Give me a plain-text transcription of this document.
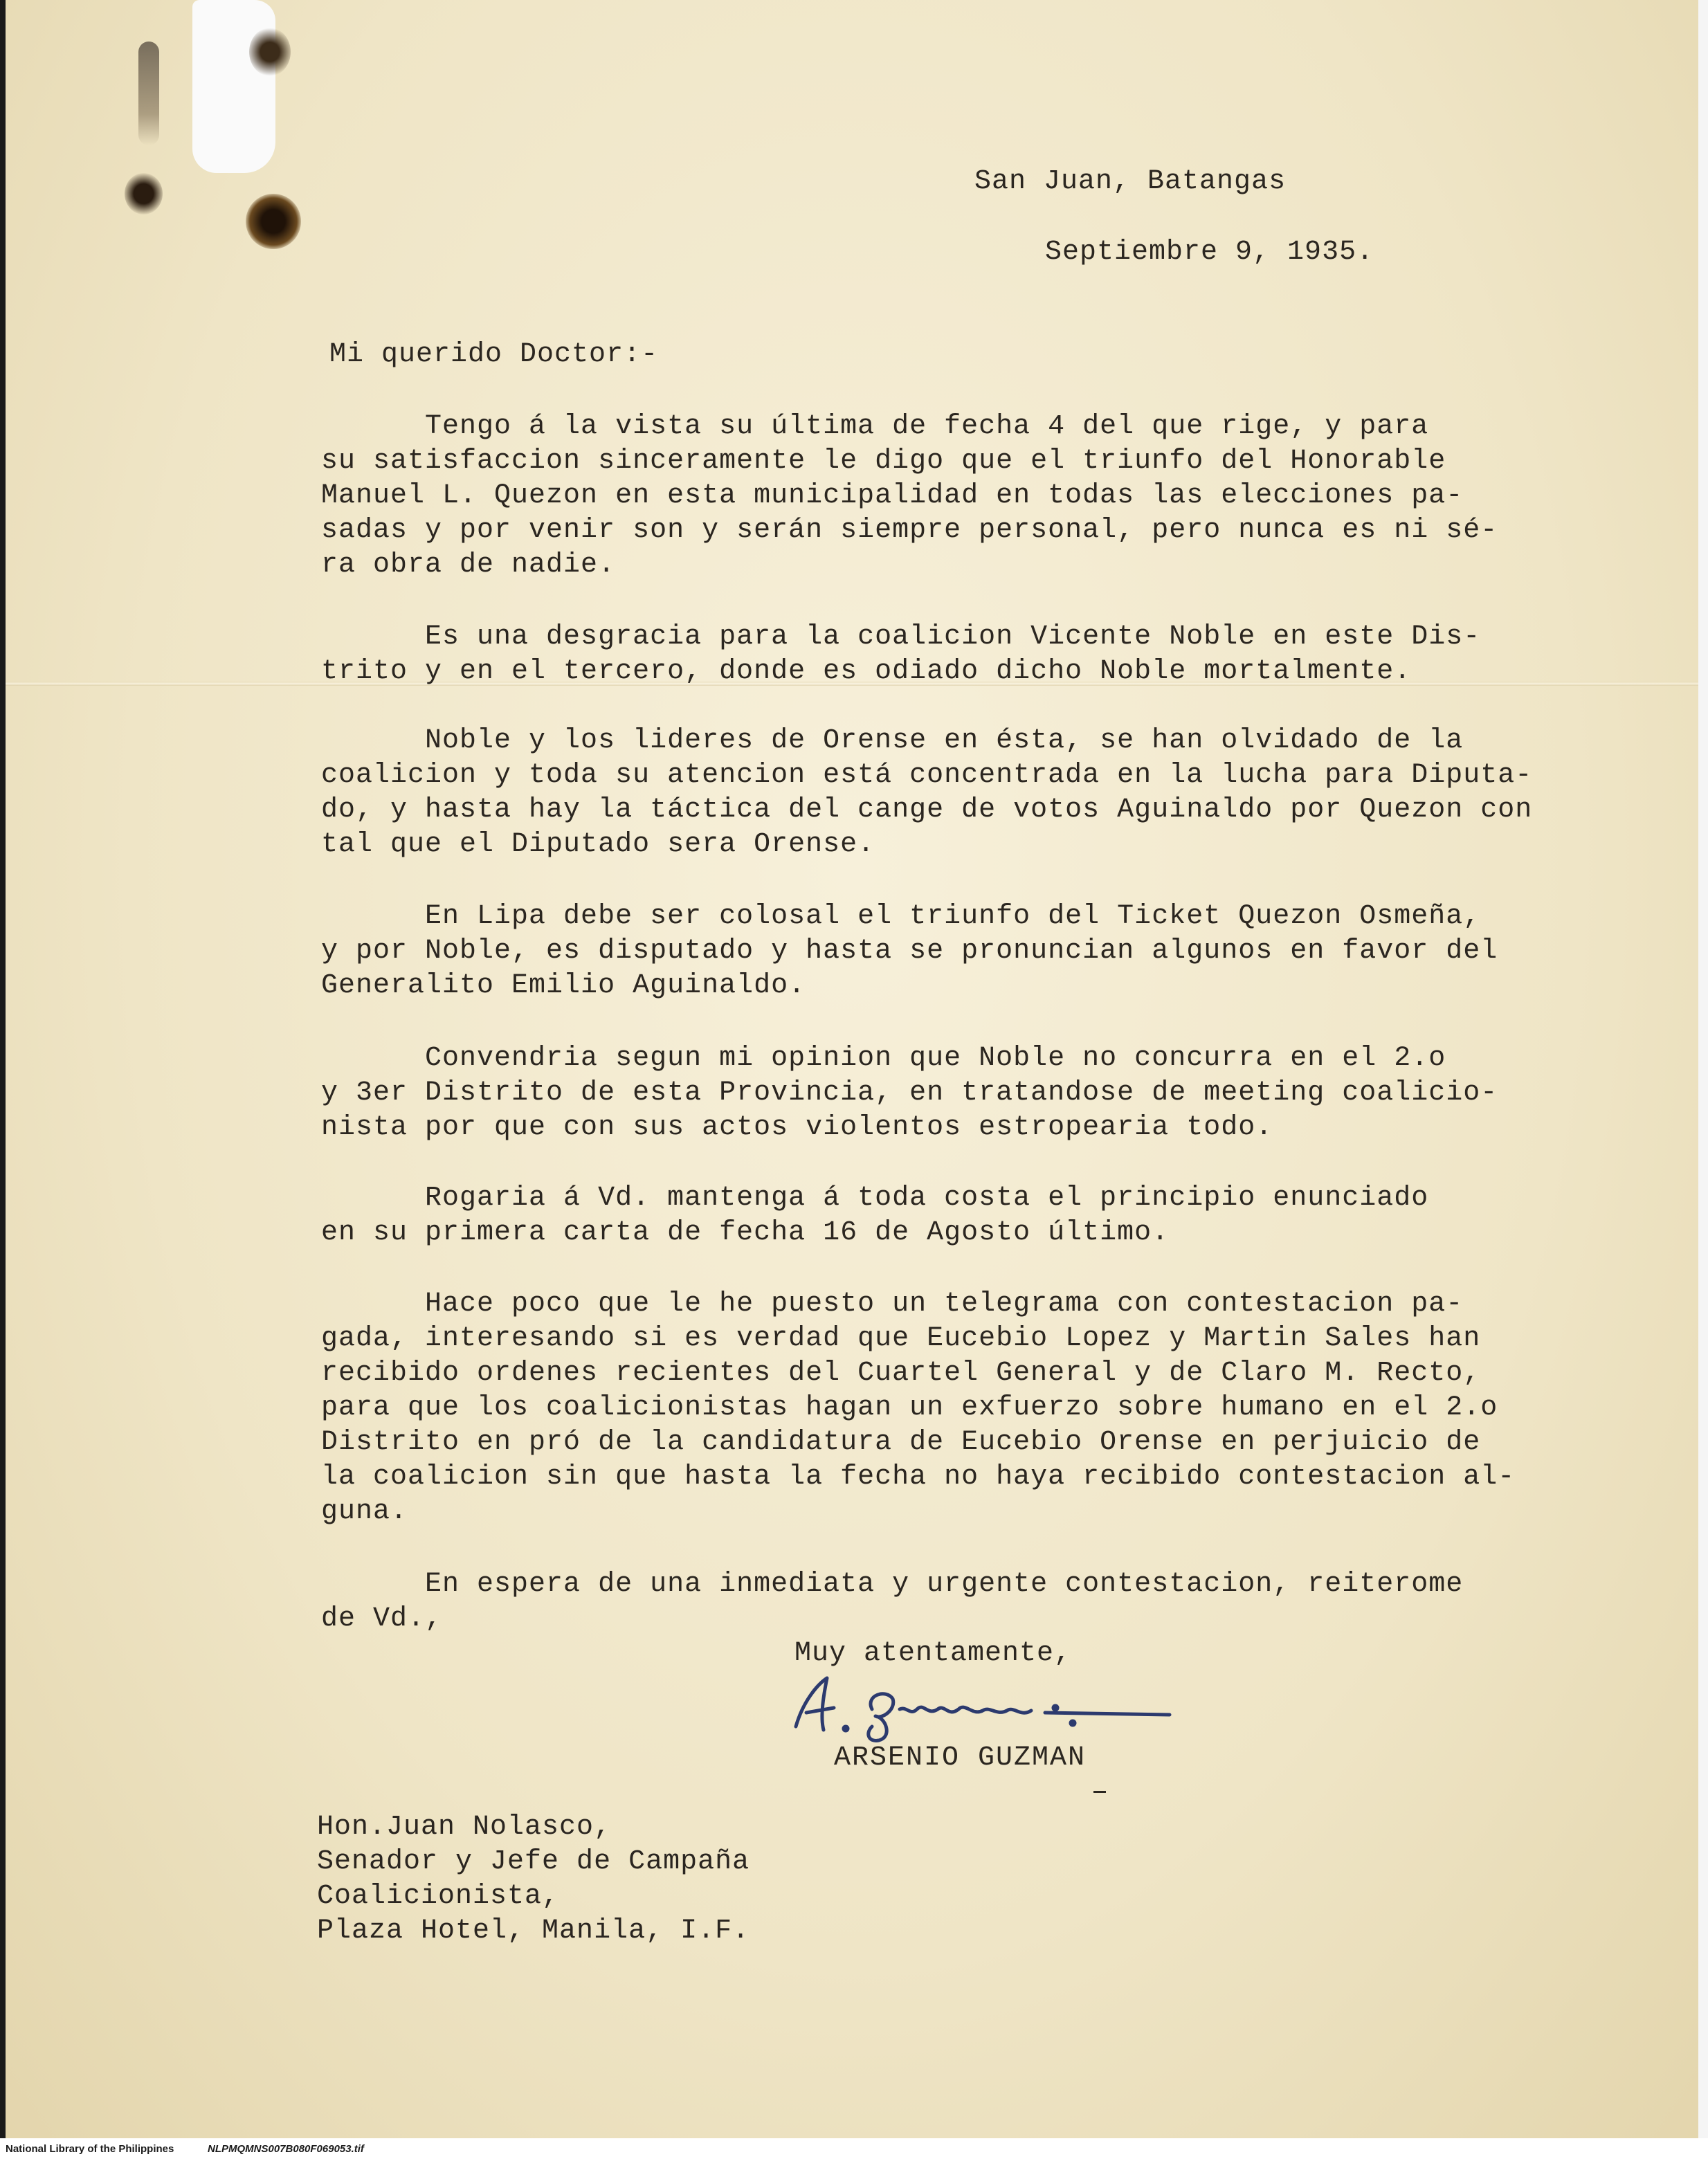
San Juan, Batangas
Septiembre 9, 1935.
Mi querido Doctor:-
Tengo á la vista su última de fecha 4 del que rige, y para
su satisfaccion sinceramente le digo que el triunfo del Honorable
Manuel L. Quezon en esta municipalidad en todas las elecciones pa-
sadas y por venir son y serán siempre personal, pero nunca es ni sé-
ra obra de nadie.
Es una desgracia para la coalicion Vicente Noble en este Dis-
trito y en el tercero, donde es odiado dicho Noble mortalmente.
Noble y los lideres de Orense en ésta, se han olvidado de la
coalicion y toda su atencion está concentrada en la lucha para Diputa-
do, y hasta hay la táctica del cange de votos Aguinaldo por Quezon con
tal que el Diputado sera Orense.
En Lipa debe ser colosal el triunfo del Ticket Quezon Osmeña,
y por Noble, es disputado y hasta se pronuncian algunos en favor del
Generalito Emilio Aguinaldo.
Convendria segun mi opinion que Noble no concurra en el 2.o
y 3er Distrito de esta Provincia, en tratandose de meeting coalicio-
nista por que con sus actos violentos estropearia todo.
Rogaria á Vd. mantenga á toda costa el principio enunciado
en su primera carta de fecha 16 de Agosto último.
Hace poco que le he puesto un telegrama con contestacion pa-
gada, interesando si es verdad que Eucebio Lopez y Martin Sales han
recibido ordenes recientes del Cuartel General y de Claro M. Recto,
para que los coalicionistas hagan un exfuerzo sobre humano en el 2.o
Distrito en pró de la candidatura de Eucebio Orense en perjuicio de
la coalicion sin que hasta la fecha no haya recibido contestacion al-
guna.
En espera de una inmediata y urgente contestacion, reiterome
de Vd.,
Muy atentamente,
ARSENIO GUZMAN
Hon.Juan Nolasco,
Senador y Jefe de Campaña
Coalicionista,
Plaza Hotel, Manila, I.F.
National Library of the Philippines	NLPMQMNS007B080F069053.tif
